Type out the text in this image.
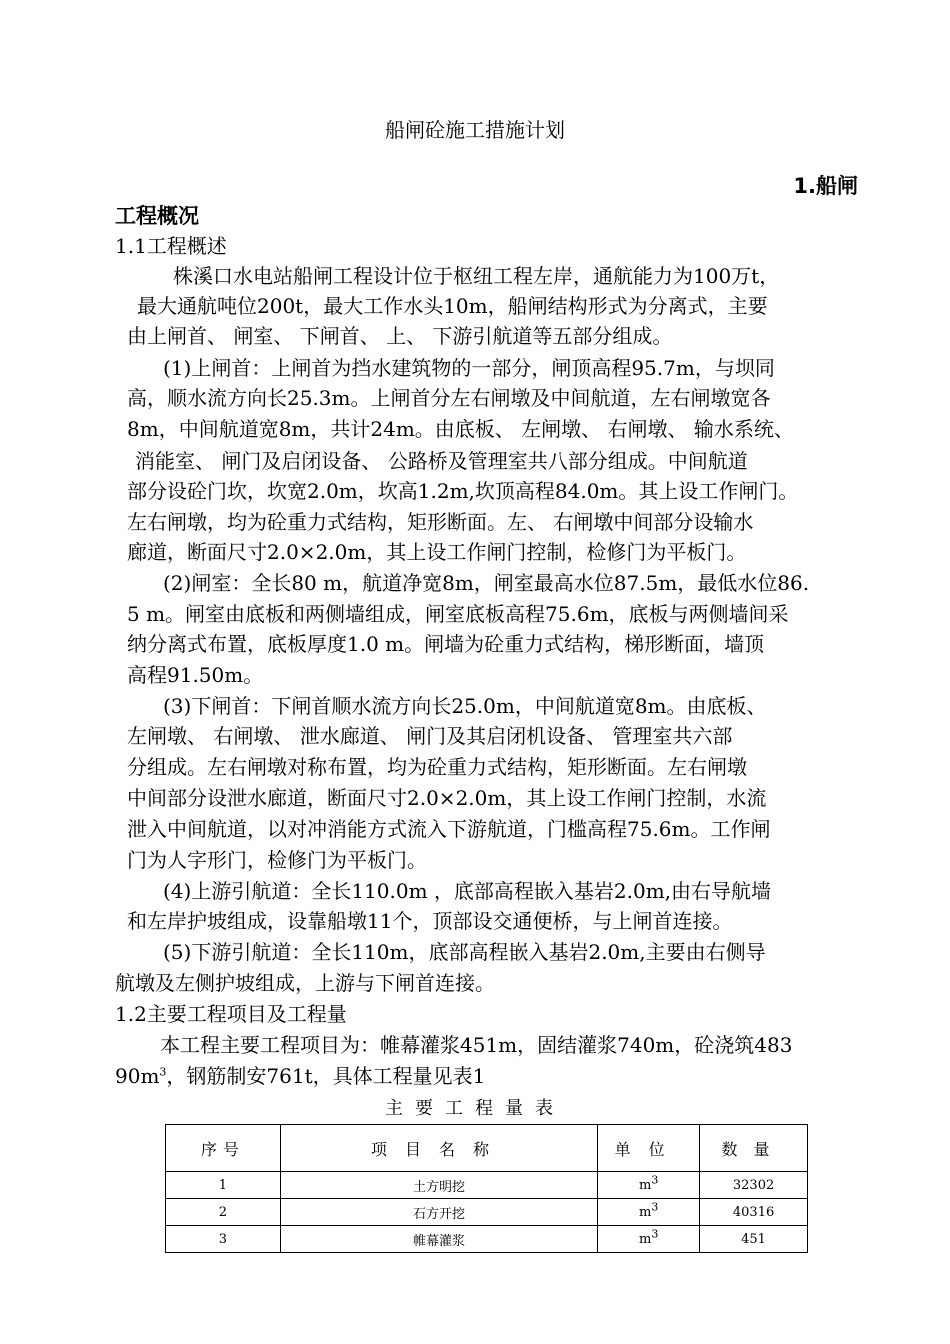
船闸砼施工措施计划
1.船闸
工程概况
1.1工程概述
株溪口水电站船闸工程设计位于枢纽工程左岸，通航能力为100万t，
最大通航吨位200t，最大工作水头10m，船闸结构形式为分离式，主要
由上闸首、 闸室、 下闸首、 上、 下游引航道等五部分组成。
(1)上闸首：上闸首为挡水建筑物的一部分，闸顶高程95.7m，与坝同
高，顺水流方向长25.3m。上闸首分左右闸墩及中间航道，左右闸墩宽各
8m，中间航道宽8m，共计24m。由底板、 左闸墩、 右闸墩、 输水系统、
消能室、 闸门及启闭设备、 公路桥及管理室共八部分组成。中间航道
部分设砼门坎，坎宽2.0m，坎高1.2m,坎顶高程84.0m。其上设工作闸门。
左右闸墩，均为砼重力式结构，矩形断面。左、 右闸墩中间部分设输水
廊道，断面尺寸2.0×2.0m，其上设工作闸门控制，检修门为平板门。
(2)闸室：全长80 m，航道净宽8m，闸室最高水位87.5m，最低水位86.
5 m。闸室由底板和两侧墙组成，闸室底板高程75.6m，底板与两侧墙间采
纳分离式布置，底板厚度1.0 m。闸墙为砼重力式结构，梯形断面，墙顶
高程91.50m。
(3)下闸首：下闸首顺水流方向长25.0m，中间航道宽8m。由底板、
左闸墩、 右闸墩、 泄水廊道、 闸门及其启闭机设备、 管理室共六部
分组成。左右闸墩对称布置，均为砼重力式结构，矩形断面。左右闸墩
中间部分设泄水廊道，断面尺寸2.0×2.0m，其上设工作闸门控制，水流
泄入中间航道，以对冲消能方式流入下游航道，门槛高程75.6m。工作闸
门为人字形门，检修门为平板门。
(4)上游引航道：全长110.0m ，底部高程嵌入基岩2.0m,由右导航墙
和左岸护坡组成，设靠船墩11个，顶部设交通便桥，与上闸首连接。
(5)下游引航道：全长110m，底部高程嵌入基岩2.0m,主要由右侧导
航墩及左侧护坡组成，上游与下闸首连接。
1.2主要工程项目及工程量
本工程主要工程项目为：帷幕灌浆451m，固结灌浆740m，砼浇筑483
$90m^3$，钢筋制安761t，具体工程量见表1
主要工程量表
序号	项目名称	单位	数量
1	土方明挖	$m^3$	32302
2	石方开挖	$m^3$	40316
3	帷幕灌浆	$m^3$	451
